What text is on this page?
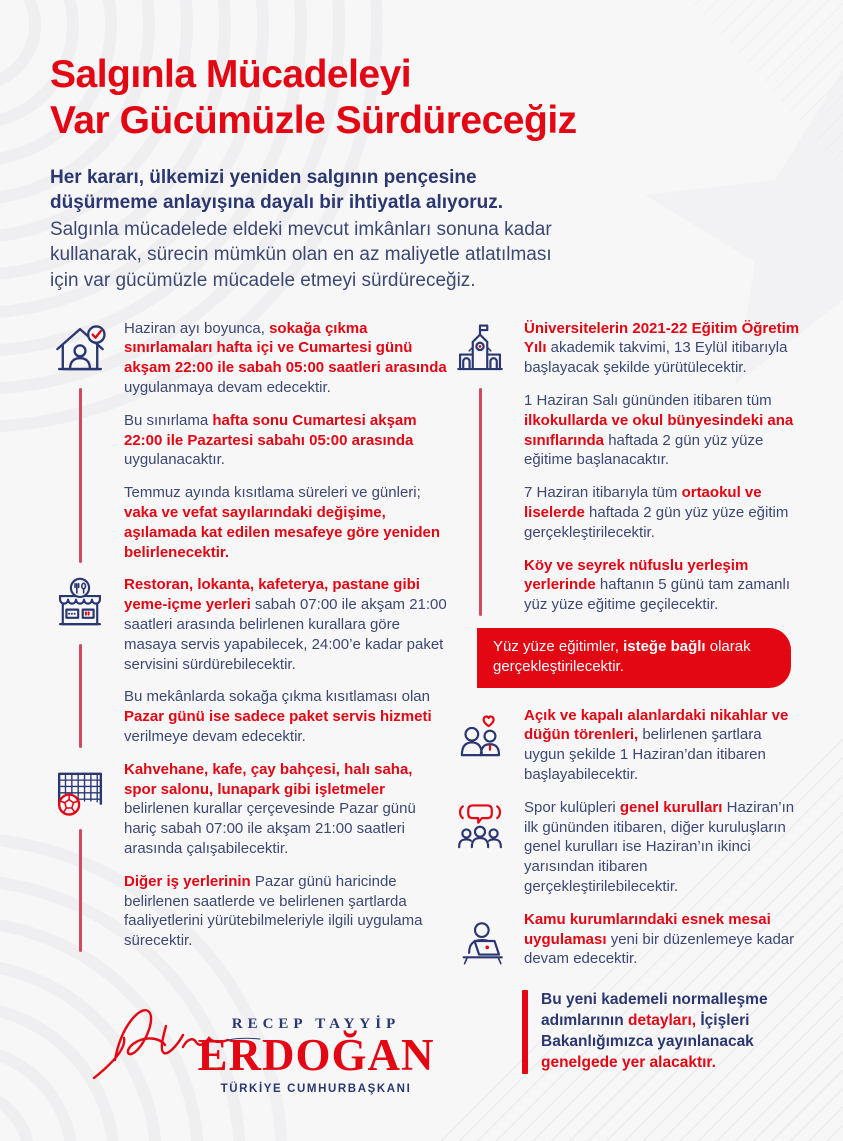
Salgınla Mücadeleyi
Var Gücümüzle Sürdüreceğiz

Her kararı, ülkemizi yeniden salgının pençesine düşürmeme anlayışına dayalı bir ihtiyatla alıyoruz.

Salgınla mücadelede eldeki mevcut imkânları sonuna kadar kullanarak, sürecin mümkün olan en az maliyetle atlatılması için var gücümüzle mücadele etmeyi sürdüreceğiz.

Haziran ayı boyunca, sokağa çıkma sınırlamaları hafta içi ve Cumartesi günü akşam 22:00 ile sabah 05:00 saatleri arasında uygulanmaya devam edecektir.

Bu sınırlama hafta sonu Cumartesi akşam 22:00 ile Pazartesi sabahı 05:00 arasında uygulanacaktır.

Temmuz ayında kısıtlama süreleri ve günleri; vaka ve vefat sayılarındaki değişime, aşılamada kat edilen mesafeye göre yeniden belirlenecektir.

Restoran, lokanta, kafeterya, pastane gibi yeme-içme yerleri sabah 07:00 ile akşam 21:00 saatleri arasında belirlenen kurallara göre masaya servis yapabilecek, 24:00’e kadar paket servisini sürdürebilecektir.

Bu mekânlarda sokağa çıkma kısıtlaması olan Pazar günü ise sadece paket servis hizmeti verilmeye devam edecektir.

Kahvehane, kafe, çay bahçesi, halı saha, spor salonu, lunapark gibi işletmeler belirlenen kurallar çerçevesinde Pazar günü hariç sabah 07:00 ile akşam 21:00 saatleri arasında çalışabilecektir.

Diğer iş yerlerinin Pazar günü haricinde belirlenen saatlerde ve belirlenen şartlarda faaliyetlerini yürütebilmeleriyle ilgili uygulama sürecektir.

RECEP TAYYİP
ERDOĞAN
TÜRKİYE CUMHURBAŞKANI

Üniversitelerin 2021-22 Eğitim Öğretim Yılı akademik takvimi, 13 Eylül itibarıyla başlayacak şekilde yürütülecektir.

1 Haziran Salı gününden itibaren tüm ilkokullarda ve okul bünyesindeki ana sınıflarında haftada 2 gün yüz yüze eğitime başlanacaktır.

7 Haziran itibarıyla tüm ortaokul ve liselerde haftada 2 gün yüz yüze eğitim gerçekleştirilecektir.

Köy ve seyrek nüfuslu yerleşim yerlerinde haftanın 5 günü tam zamanlı yüz yüze eğitime geçilecektir.

Yüz yüze eğitimler, isteğe bağlı olarak gerçekleştirilecektir.

Açık ve kapalı alanlardaki nikahlar ve düğün törenleri, belirlenen şartlara uygun şekilde 1 Haziran’dan itibaren başlayabilecektir.

Spor kulüpleri genel kurulları Haziran’ın ilk gününden itibaren, diğer kuruluşların genel kurulları ise Haziran’ın ikinci yarısından itibaren gerçekleştirilebilecektir.

Kamu kurumlarındaki esnek mesai uygulaması yeni bir düzenlemeye kadar devam edecektir.

Bu yeni kademeli normalleşme adımlarının detayları, İçişleri Bakanlığımızca yayınlanacak genelgede yer alacaktır.
